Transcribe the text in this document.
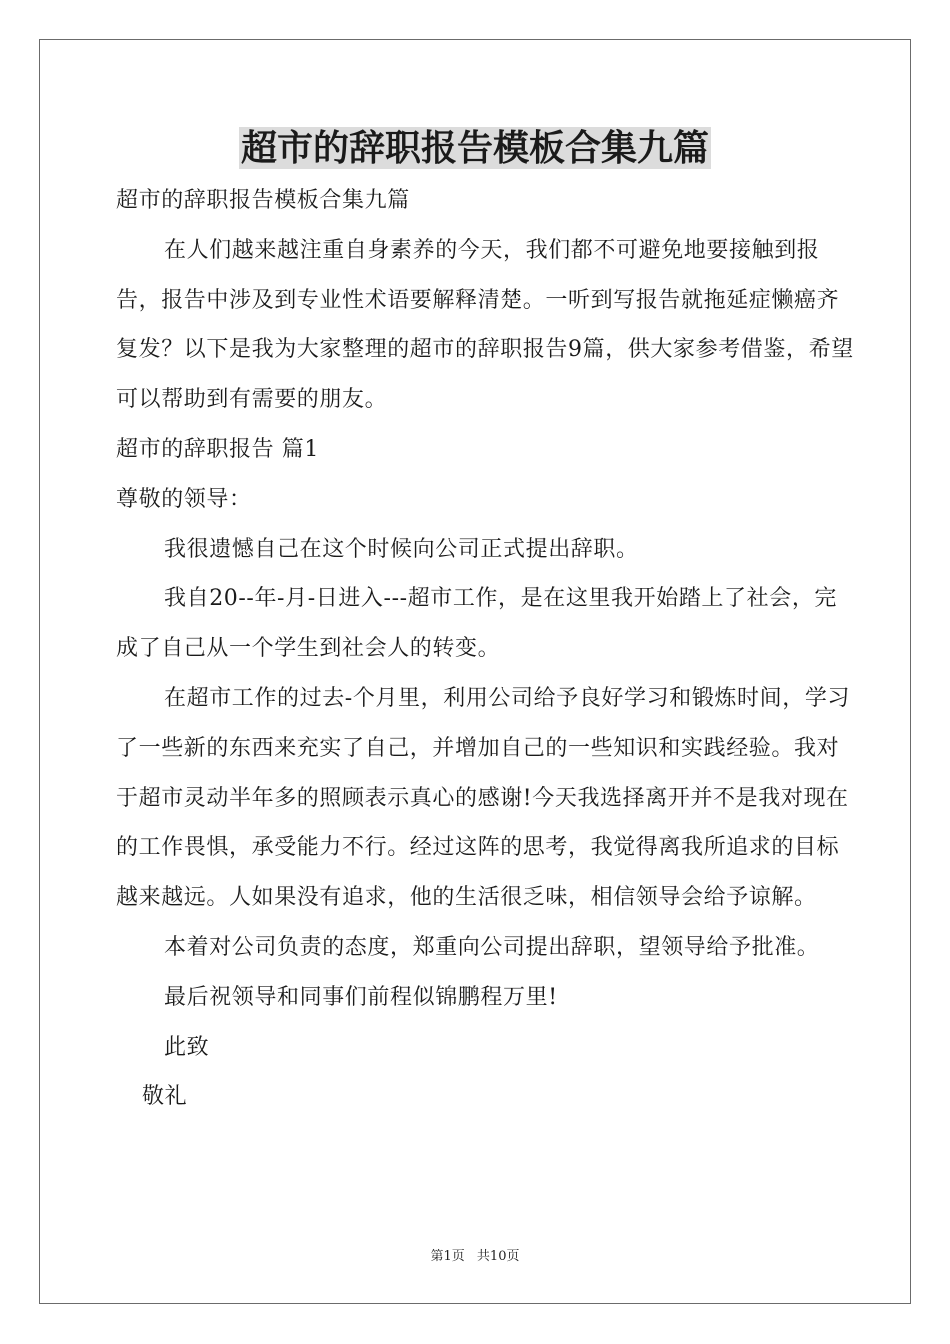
超市的辞职报告模板合集九篇

超市的辞职报告模板合集九篇

在人们越来越注重自身素养的今天，我们都不可避免地要接触到报告，报告中涉及到专业性术语要解释清楚。一听到写报告就拖延症懒癌齐复发？以下是我为大家整理的超市的辞职报告9篇，供大家参考借鉴，希望可以帮助到有需要的朋友。

超市的辞职报告 篇1

尊敬的领导：

我很遗憾自己在这个时候向公司正式提出辞职。

我自20--年-月-日进入---超市工作，是在这里我开始踏上了社会，完成了自己从一个学生到社会人的转变。

在超市工作的过去-个月里，利用公司给予良好学习和锻炼时间，学习了一些新的东西来充实了自己，并增加自己的一些知识和实践经验。我对于超市灵动半年多的照顾表示真心的感谢!今天我选择离开并不是我对现在的工作畏惧，承受能力不行。经过这阵的思考，我觉得离我所追求的目标越来越远。人如果没有追求，他的生活很乏味，相信领导会给予谅解。

本着对公司负责的态度，郑重向公司提出辞职，望领导给予批准。

最后祝领导和同事们前程似锦鹏程万里!

此致

敬礼

第1页 共10页
